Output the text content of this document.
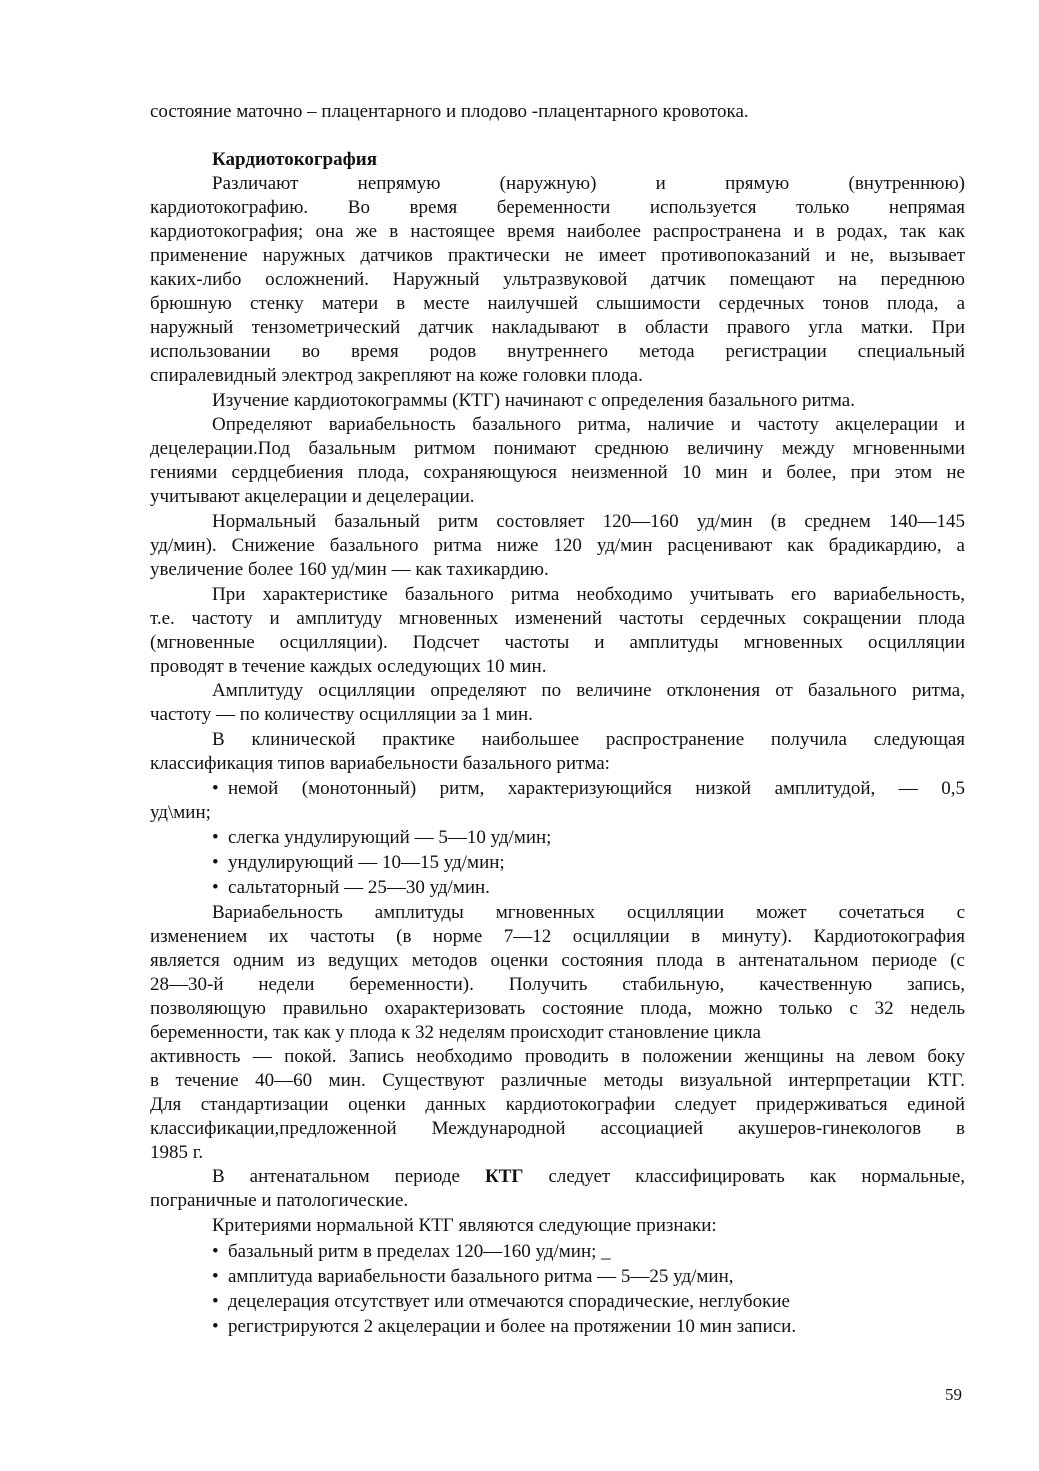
состояние маточно – плацентарного и плодово -плацентарного кровотока.
Кардиотокография
Различают непрямую (наружную) и прямую (внутреннюю)
кардиотокографию. Во время беременности используется только непрямая
кардиотокография; она же в настоящее время наиболее распространена и в родах, так как
применение наружных датчиков практически не имеет противопоказаний и не, вызывает
каких-либо осложнений. Наружный ультразвуковой датчик помещают на переднюю
брюшную стенку матери в месте наилучшей слышимости сердечных тонов плода, а
наружный тензометрический датчик накладывают в области правого угла матки. При
использовании во время родов внутреннего метода регистрации специальный
спиралевидный электрод закрепляют на коже головки плода.
Изучение кардиотокограммы (КТГ) начинают с определения базального ритма.
Определяют вариабельность базального ритма, наличие и частоту акцелерации и
децелерации.Под базальным ритмом понимают среднюю величину между мгновенными
гениями сердцебиения плода, сохраняющуюся неизменной 10 мин и более, при этом не
учитывают акцелерации и децелерации.
Нормальный базальный ритм состовляет 120—160 уд/мин (в среднем 140—145
уд/мин). Снижение базального ритма ниже 120 уд/мин расценивают как брадикардию, а
увеличение более 160 уд/мин — как тахикардию.
При характеристике базального ритма необходимо учитывать его вариабельность,
т.е. частоту и амплитуду мгновенных изменений частоты сердечных сокращении плода
(мгновенные осцилляции). Подсчет частоты и амплитуды мгновенных осцилляции
проводят в течение каждых оследующих 10 мин.
Амплитуду осцилляции определяют по величине отклонения от базального ритма,
частоту — по количеству осцилляции за 1 мин.
В клинической практике наибольшее распространение получила следующая
классификация типов вариабельности базального ритма:
• немой (монотонный) ритм, характеризующийся низкой амплитудой, — 0,5
уд\мин;
• слегка ундулирующий — 5—10 уд/мин;
• ундулирующий — 10—15 уд/мин;
• сальтаторный — 25—30 уд/мин.
Вариабельность амплитуды мгновенных осцилляции может сочетаться с
изменением их частоты (в норме 7—12 осцилляции в минуту). Кардиотокография
является одним из ведущих методов оценки состояния плода в антенатальном периоде (с
28—30-й недели беременности). Получить стабильную, качественную запись,
позволяющую правильно охарактеризовать состояние плода, можно только с 32 недель
беременности, так как у плода к 32 неделям происходит становление цикла
активность — покой. Запись необходимо проводить в положении женщины на левом боку
в течение 40—60 мин. Существуют различные методы визуальной интерпретации КТГ.
Для стандартизации оценки данных кардиотокографии следует придерживаться единой
классификации,предложенной Международной ассоциацией акушеров-гинекологов в
1985 г.
В антенатальном периоде КТГ следует классифицировать как нормальные,
пограничные и патологические.
Критериями нормальной КТГ являются следующие признаки:
• базальный ритм в пределах 120—160 уд/мин; _
• амплитуда вариабельности базального ритма — 5—25 уд/мин,
• децелерация отсутствует или отмечаются спорадические, неглубокие
• регистрируются 2 акцелерации и более на протяжении 10 мин записи.
59
